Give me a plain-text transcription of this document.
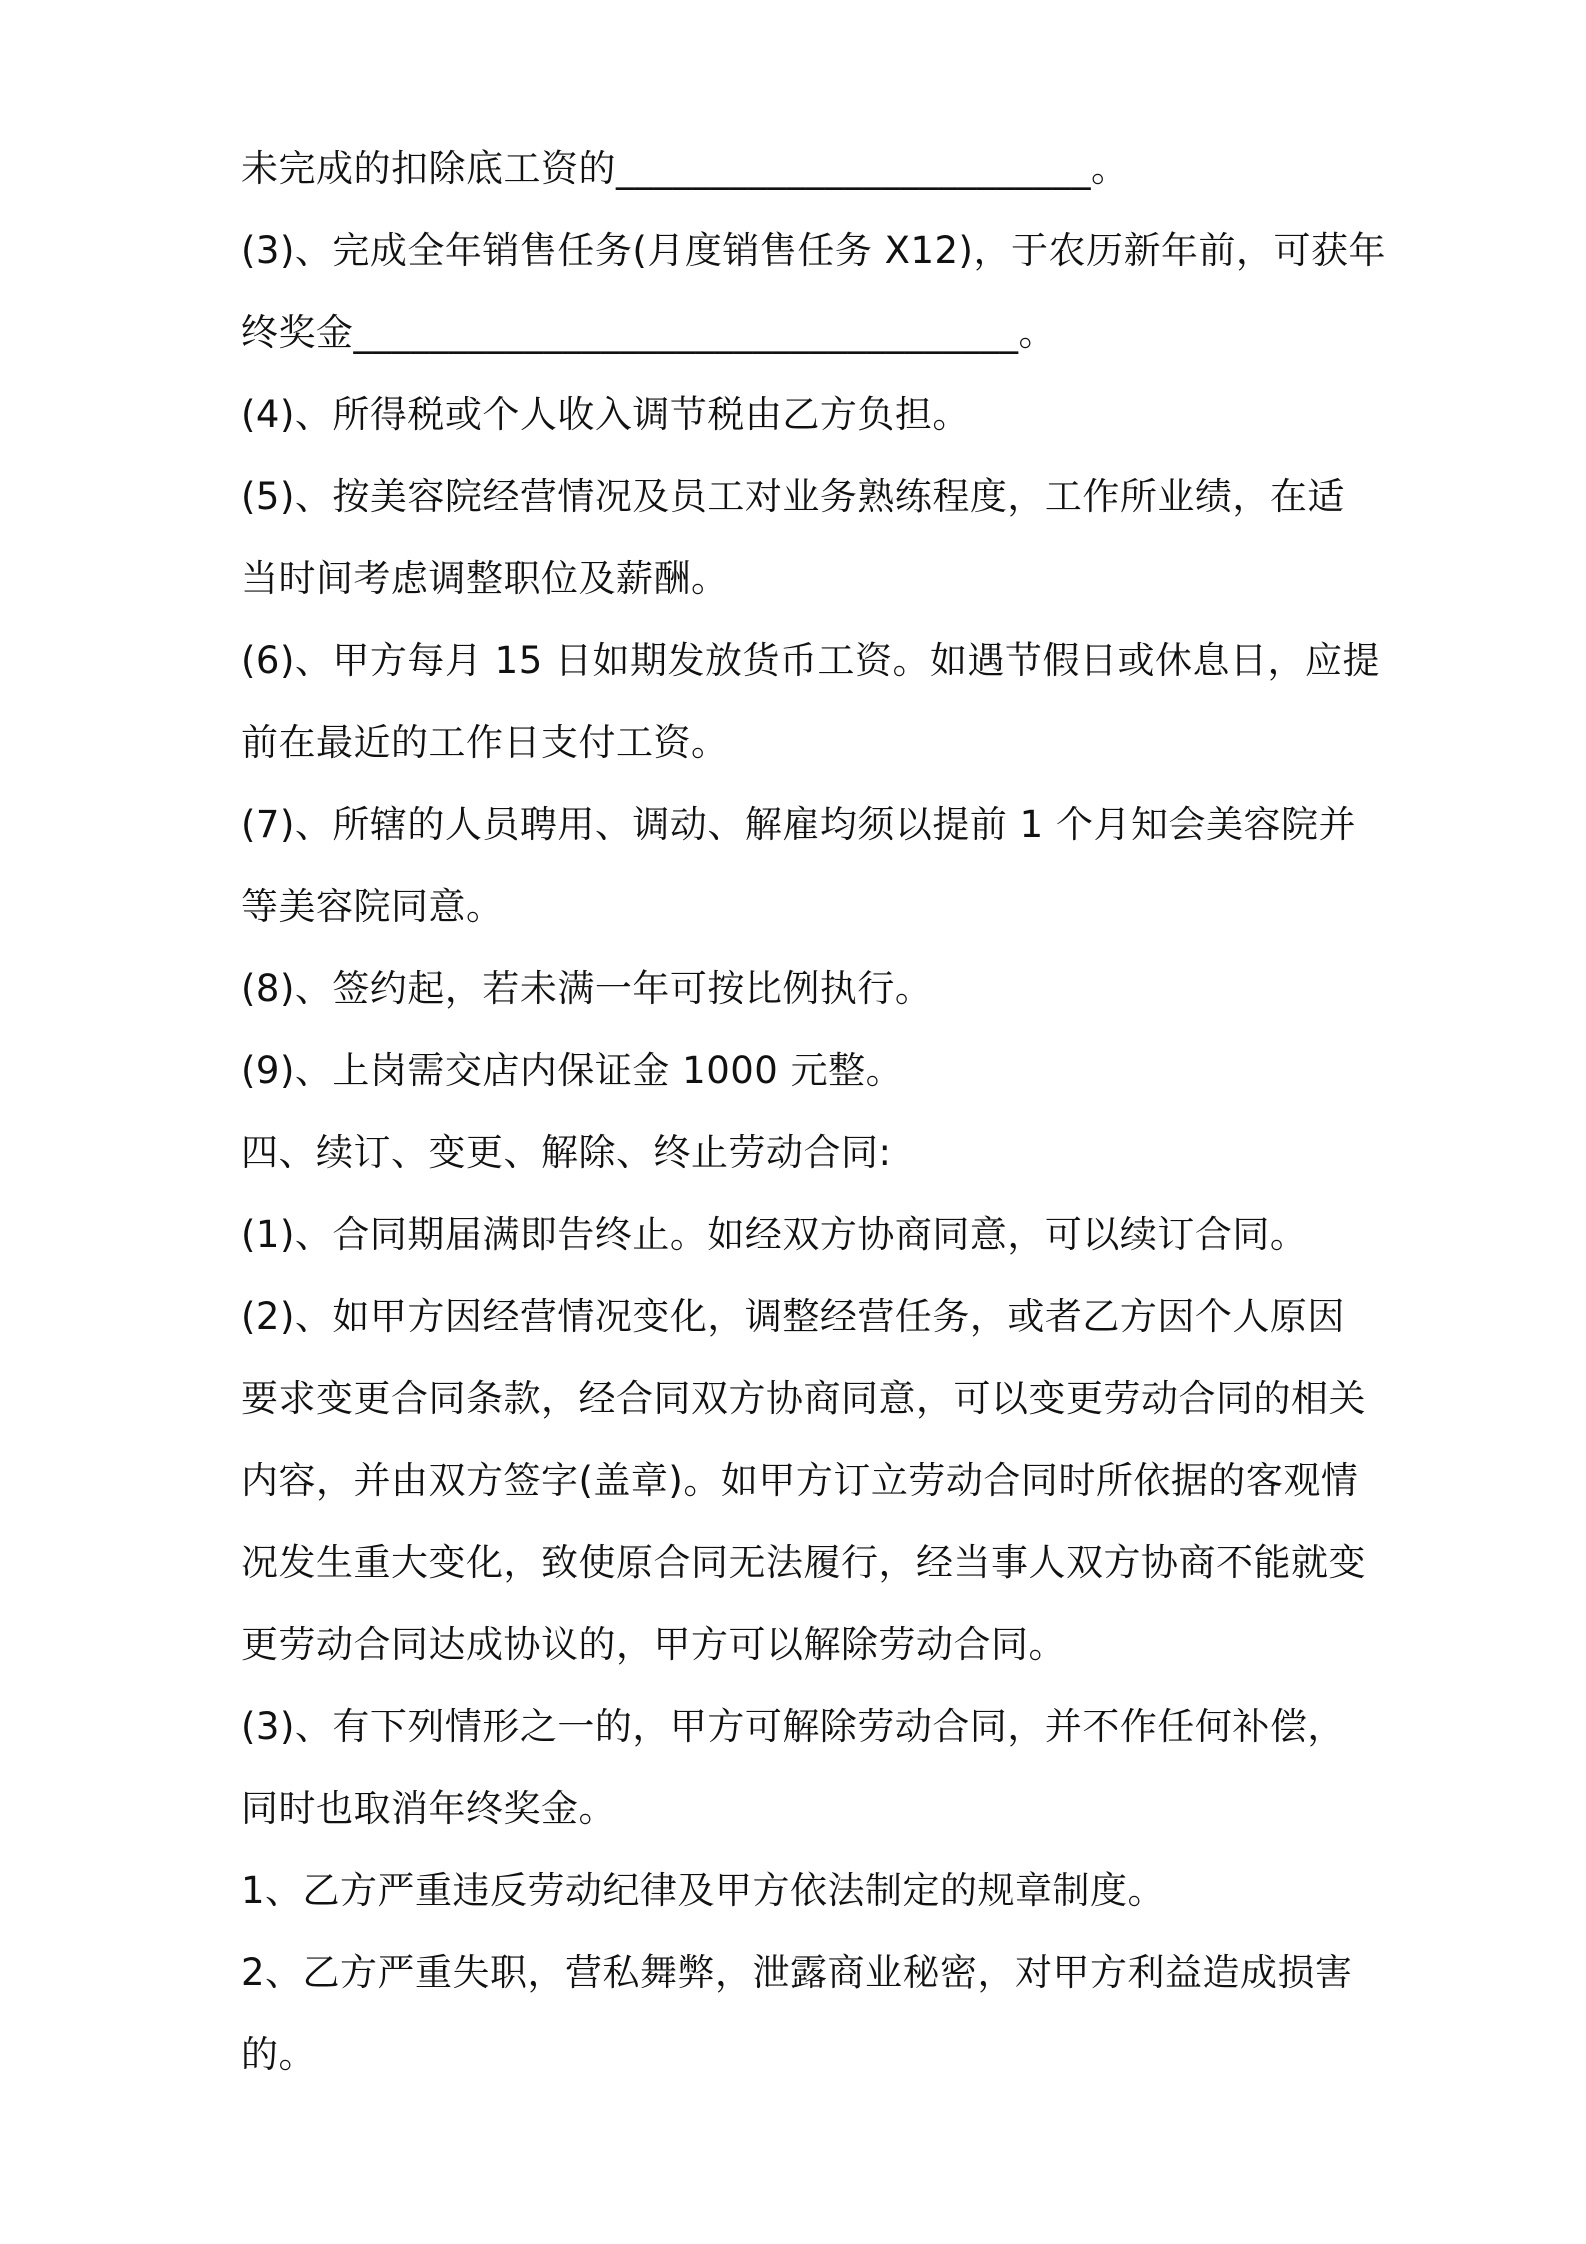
未完成的扣除底工资的_________________________。
(3)、完成全年销售任务(月度销售任务 X12)，于农历新年前，可获年
终奖金___________________________________。
(4)、所得税或个人收入调节税由乙方负担。
(5)、按美容院经营情况及员工对业务熟练程度，工作所业绩，在适
当时间考虑调整职位及薪酬。
(6)、甲方每月 15 日如期发放货币工资。如遇节假日或休息日，应提
前在最近的工作日支付工资。
(7)、所辖的人员聘用、调动、解雇均须以提前 1 个月知会美容院并
等美容院同意。
(8)、签约起，若未满一年可按比例执行。
(9)、上岗需交店内保证金 1000 元整。
四、续订、变更、解除、终止劳动合同:
(1)、合同期届满即告终止。如经双方协商同意，可以续订合同。
(2)、如甲方因经营情况变化，调整经营任务，或者乙方因个人原因
要求变更合同条款，经合同双方协商同意，可以变更劳动合同的相关
内容，并由双方签字(盖章)。如甲方订立劳动合同时所依据的客观情
况发生重大变化，致使原合同无法履行，经当事人双方协商不能就变
更劳动合同达成协议的，甲方可以解除劳动合同。
(3)、有下列情形之一的，甲方可解除劳动合同，并不作任何补偿，
同时也取消年终奖金。
1、乙方严重违反劳动纪律及甲方依法制定的规章制度。
2、乙方严重失职，营私舞弊，泄露商业秘密，对甲方利益造成损害
的。
